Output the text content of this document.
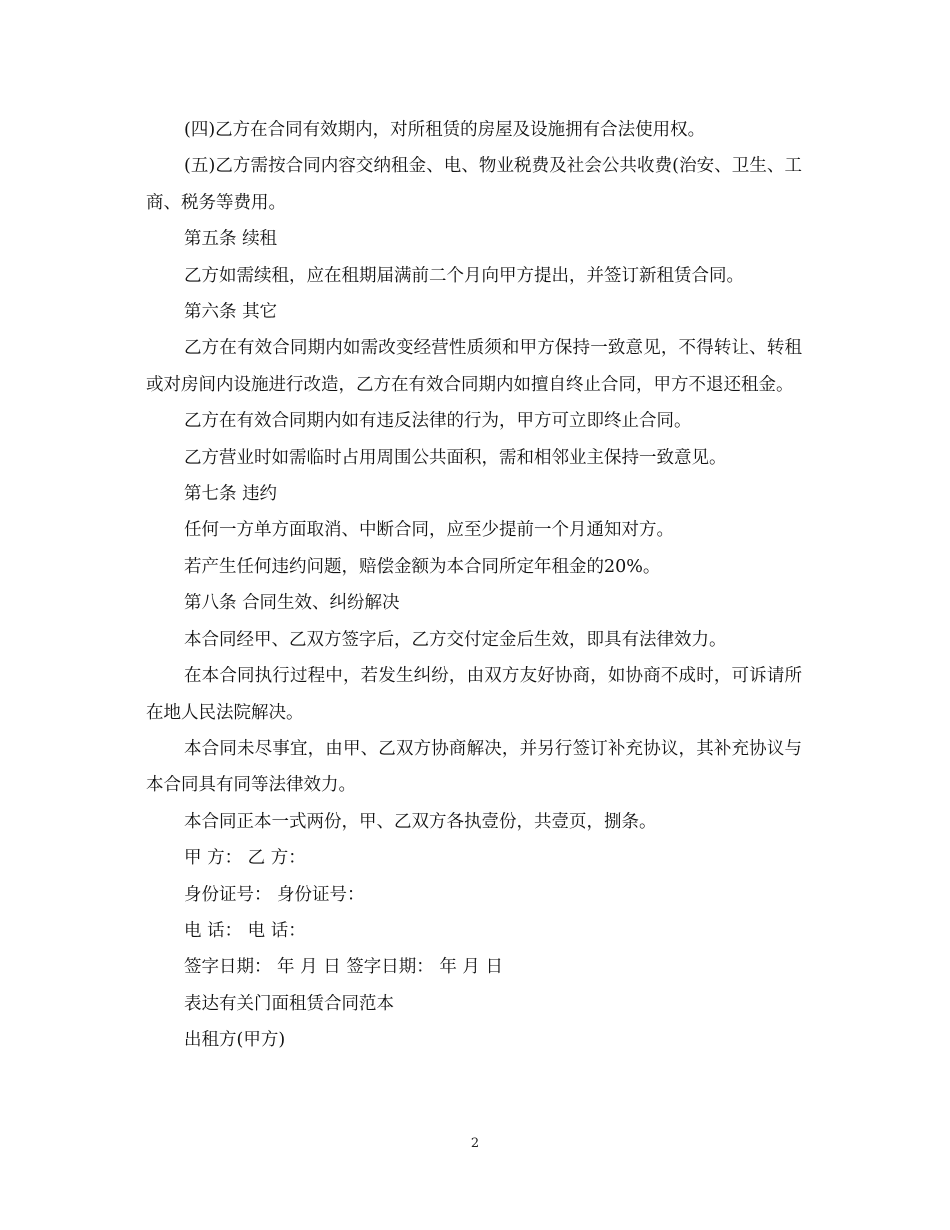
(四)乙方在合同有效期内，对所租赁的房屋及设施拥有合法使用权。

(五)乙方需按合同内容交纳租金、电、物业税费及社会公共收费(治安、卫生、工商、税务等费用。

第五条 续租

乙方如需续租，应在租期届满前二个月向甲方提出，并签订新租赁合同。

第六条 其它

乙方在有效合同期内如需改变经营性质须和甲方保持一致意见，不得转让、转租或对房间内设施进行改造，乙方在有效合同期内如擅自终止合同，甲方不退还租金。

乙方在有效合同期内如有违反法律的行为，甲方可立即终止合同。

乙方营业时如需临时占用周围公共面积，需和相邻业主保持一致意见。

第七条 违约

任何一方单方面取消、中断合同，应至少提前一个月通知对方。

若产生任何违约问题，赔偿金额为本合同所定年租金的20%。

第八条 合同生效、纠纷解决

本合同经甲、乙双方签字后，乙方交付定金后生效，即具有法律效力。

在本合同执行过程中，若发生纠纷，由双方友好协商，如协商不成时，可诉请所在地人民法院解决。

本合同未尽事宜，由甲、乙双方协商解决，并另行签订补充协议，其补充协议与本合同具有同等法律效力。

本合同正本一式两份，甲、乙双方各执壹份，共壹页，捌条。

甲 方： 乙 方：

身份证号： 身份证号：

电 话： 电 话：

签字日期： 年 月 日 签字日期： 年 月 日

表达有关门面租赁合同范本

出租方(甲方)

2
